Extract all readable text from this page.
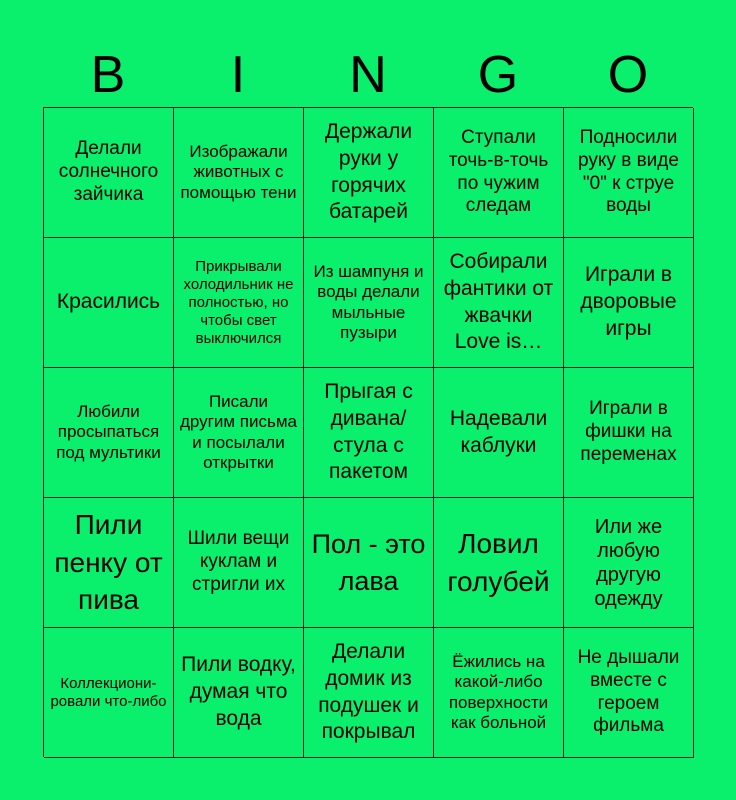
B	I	N	G	O
Делали солнечного зайчика
Изображали животных с помощью тени
Держали руки у горячих батарей
Ступали точь-в-точь по чужим следам
Подносили руку в виде "0" к струе воды
Красились
Прикрывали холодильник не полностью, но чтобы свет выключился
Из шампуня и воды делали мыльные пузыри
Собирали фантики от жвачки Love is…
Играли в дворовые игры
Любили просыпаться под мультики
Писали другим письма и посылали открытки
Прыгая с дивана/ стула с пакетом
Надевали каблуки
Играли в фишки на переменах
Пили пенку от пива
Шили вещи куклам и стригли их
Пол - это лава
Ловил голубей
Или же любую другую одежду
Коллекциони-ровали что-либо
Пили водку, думая что вода
Делали домик из подушек и покрывал
Ёжились на какой-либо поверхности как больной
Не дышали вместе с героем фильма
